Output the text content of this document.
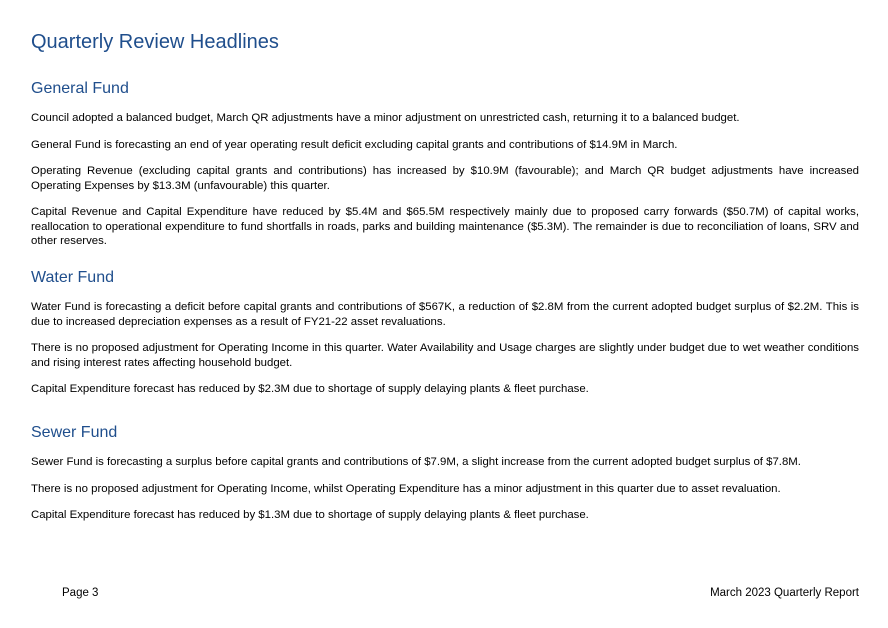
Quarterly Review Headlines
General Fund

Council adopted a balanced budget, March QR adjustments have a minor adjustment on unrestricted cash, returning it to a balanced budget.

General Fund is forecasting an end of year operating result deficit excluding capital grants and contributions of $14.9M in March.

Operating Revenue (excluding capital grants and contributions) has increased by $10.9M (favourable); and March QR budget adjustments have increased Operating Expenses by $13.3M (unfavourable) this quarter.

Capital Revenue and Capital Expenditure have reduced by $5.4M and $65.5M respectively mainly due to proposed carry forwards ($50.7M) of capital works, reallocation to operational expenditure to fund shortfalls in roads, parks and building maintenance ($5.3M). The remainder is due to reconciliation of loans, SRV and other reserves.

Water Fund

Water Fund is forecasting a deficit before capital grants and contributions of $567K, a reduction of $2.8M from the current adopted budget surplus of $2.2M. This is due to increased depreciation expenses as a result of FY21-22 asset revaluations.

There is no proposed adjustment for Operating Income in this quarter. Water Availability and Usage charges are slightly under budget due to wet weather conditions and rising interest rates affecting household budget.

Capital Expenditure forecast has reduced by $2.3M due to shortage of supply delaying plants & fleet purchase.

Sewer Fund

Sewer Fund is forecasting a surplus before capital grants and contributions of $7.9M, a slight increase from the current adopted budget surplus of $7.8M.

There is no proposed adjustment for Operating Income, whilst Operating Expenditure has a minor adjustment in this quarter due to asset revaluation.

Capital Expenditure forecast has reduced by $1.3M due to shortage of supply delaying plants & fleet purchase.

Page 3	March 2023 Quarterly Report
